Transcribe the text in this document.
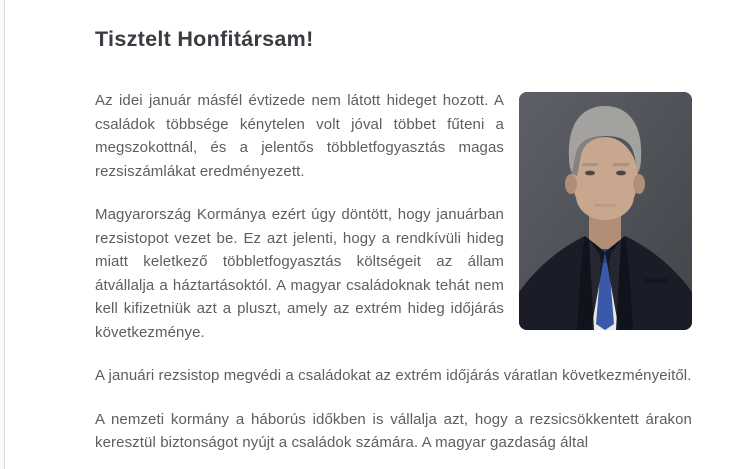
Tisztelt Honfitársam!

Az idei január másfél évtizede nem látott hideget hozott. A családok többsége kénytelen volt jóval többet fűteni a megszokottnál, és a jelentős többletfogyasztás magas rezsiszámlákat eredményezett.

Magyarország Kormánya ezért úgy döntött, hogy januárban rezsistopot vezet be. Ez azt jelenti, hogy a rendkívüli hideg miatt keletkező többletfogyasztás költségeit az állam átvállalja a háztartásoktól. A magyar családoknak tehát nem kell kifizetniük azt a pluszt, amely az extrém hideg időjárás következménye.

A januári rezsistop megvédi a családokat az extrém időjárás váratlan következményeitől.

A nemzeti kormány a háborús időkben is vállalja azt, hogy a rezsicsökkentett árakon keresztül biztonságot nyújt a családok számára. A magyar gazdaság által
